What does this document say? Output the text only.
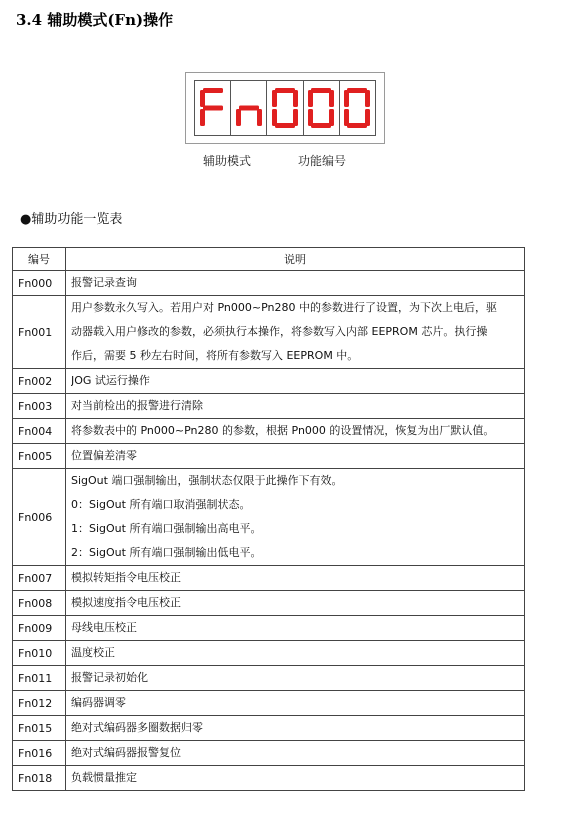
3.4 辅助模式(Fn)操作
辅助模式	功能编号
●辅助功能一览表
编号	说明
Fn000	报警记录查询

Fn001	用户参数永久写入。若用户对 Pn000~Pn280 中的参数进行了设置，为下次上电后，驱
动器载入用户修改的参数，必须执行本操作，将参数写入内部 EEPROM 芯片。执行操
作后，需要 5 秒左右时间，将所有参数写入 EEPROM 中。

Fn002	JOG 试运行操作

Fn003	对当前检出的报警进行清除

Fn004	将参数表中的 Pn000~Pn280 的参数，根据 Pn000 的设置情况，恢复为出厂默认值。

Fn005	位置偏差清零

Fn006	SigOut 端口强制输出，强制状态仅限于此操作下有效。
0：SigOut 所有端口取消强制状态。
1：SigOut 所有端口强制输出高电平。
2：SigOut 所有端口强制输出低电平。

Fn007	模拟转矩指令电压校正

Fn008	模拟速度指令电压校正

Fn009	母线电压校正

Fn010	温度校正

Fn011	报警记录初始化

Fn012	编码器调零

Fn015	绝对式编码器多圈数据归零

Fn016	绝对式编码器报警复位

Fn018	负载惯量推定
